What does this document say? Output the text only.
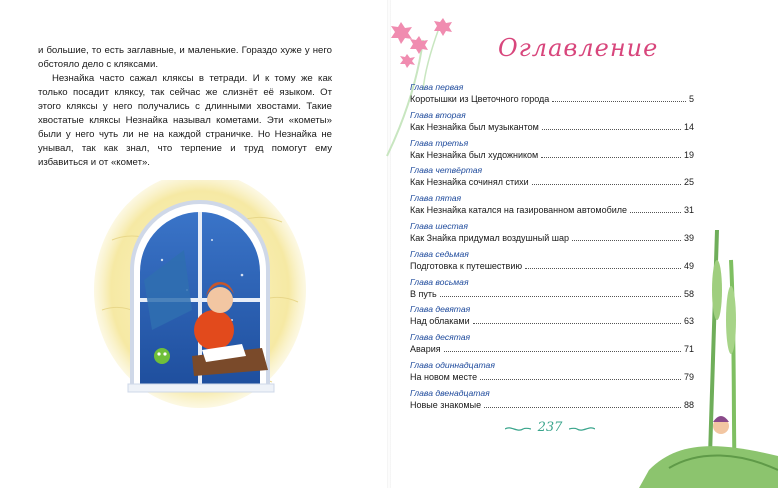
и большие, то есть заглавные, и маленькие. Гораздо хуже у него обстояло дело с кляксами.

Незнайка часто сажал кляксы в тетради. И к тому же как только посадит кляксу, так сейчас же слизнёт её языком. От этого кляксы у него получались с длинными хвостами. Такие хвостатые кляксы Незнайка называл кометами. Эти «кометы» были у него чуть ли не на каждой страничке. Но Незнайка не унывал, так как знал, что терпение и труд помогут ему избавиться и от «комет».

Оглавление
Глава первая
Коротышки из Цветочного города	5
Глава вторая
Как Незнайка был музыкантом	14
Глава третья
Как Незнайка был художником	19
Глава четвёртая
Как Незнайка сочинял стихи	25
Глава пятая
Как Незнайка катался на газированном автомобиле	31
Глава шестая
Как Знайка придумал воздушный шар	39
Глава седьмая
Подготовка к путешествию	49
Глава восьмая
В путь	58
Глава девятая
Над облаками	63
Глава десятая
Авария	71
Глава одиннадцатая
На новом месте	79
Глава двенадцатая
Новые знакомые	88
237
